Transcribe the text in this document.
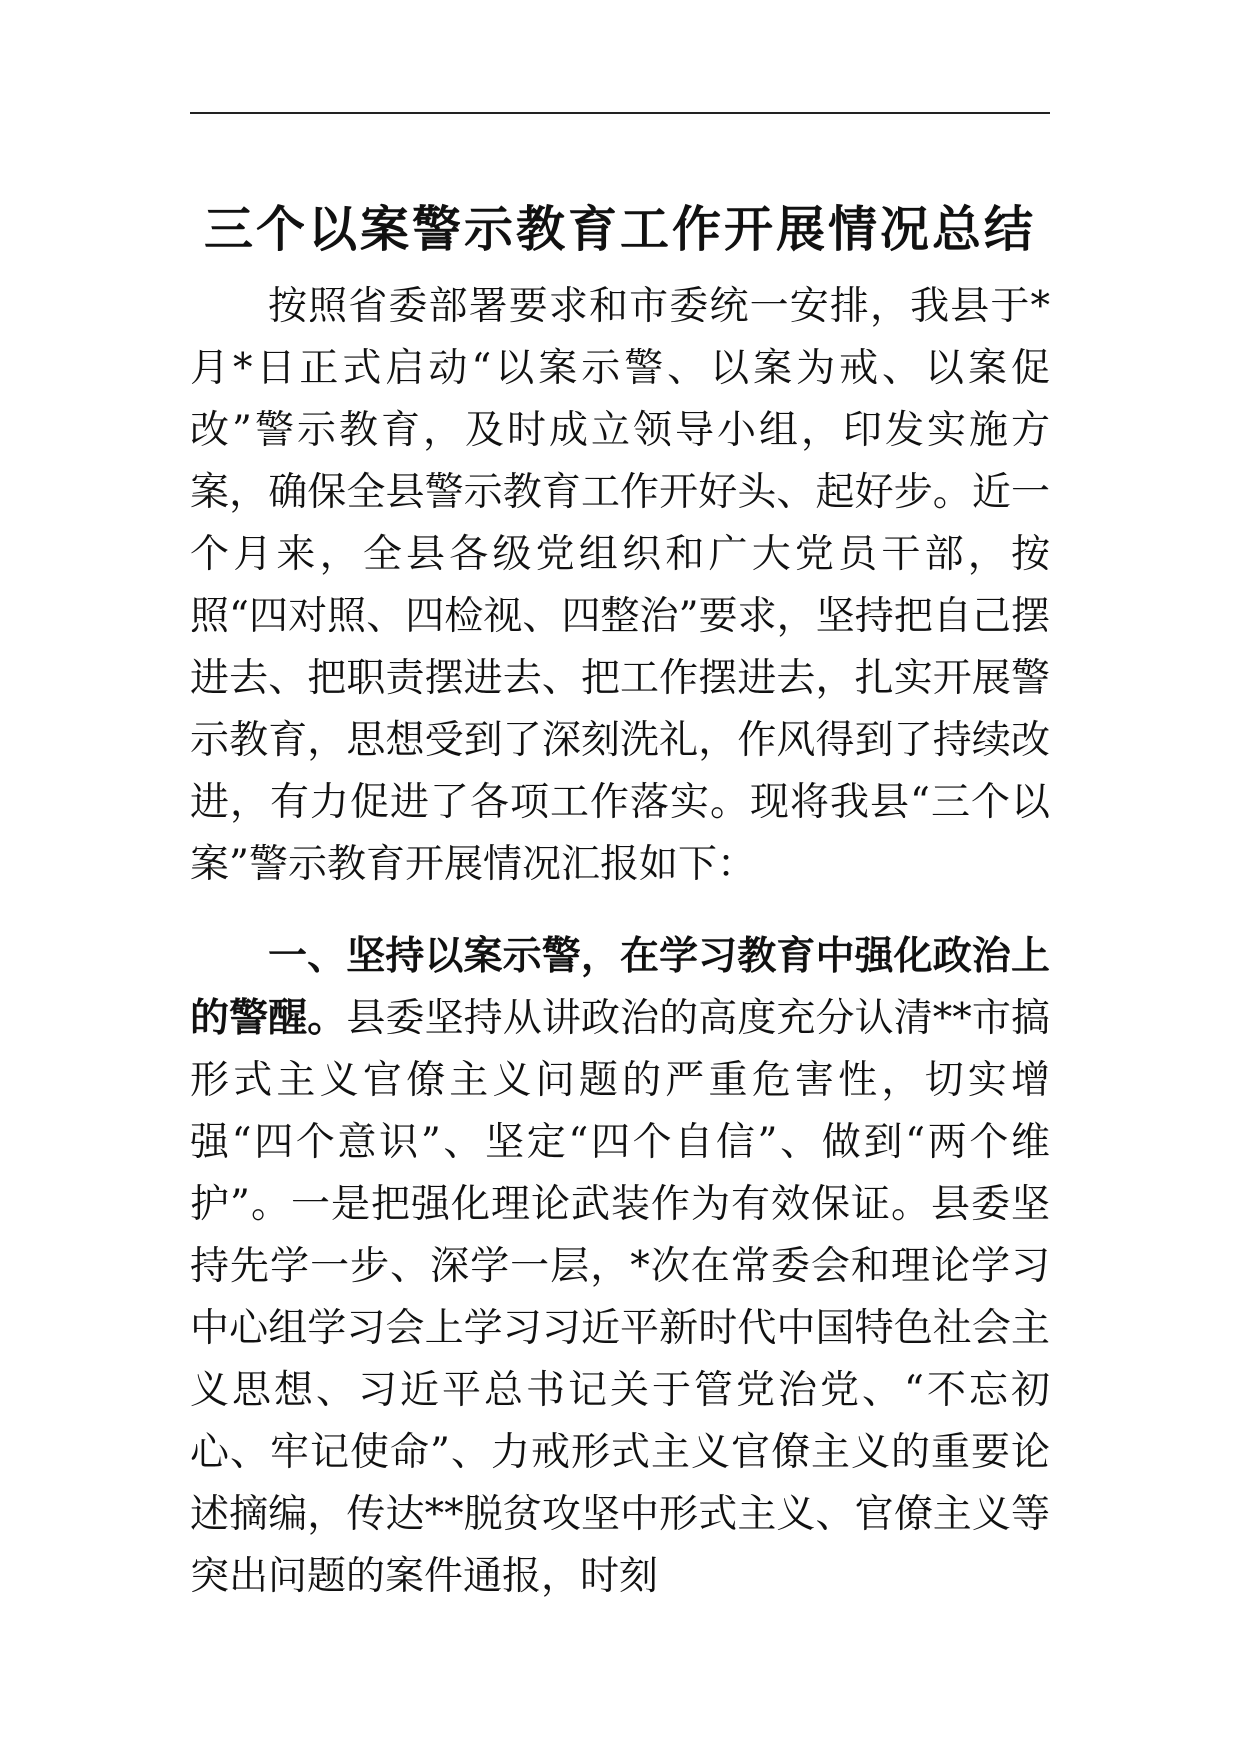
三个以案警示教育工作开展情况总结

按照省委部署要求和市委统一安排，我县于*月*日正式启动“以案示警、以案为戒、以案促改”警示教育，及时成立领导小组，印发实施方案，确保全县警示教育工作开好头、起好步。近一个月来，全县各级党组织和广大党员干部，按照“四对照、四检视、四整治”要求，坚持把自己摆进去、把职责摆进去、把工作摆进去，扎实开展警示教育，思想受到了深刻洗礼，作风得到了持续改进，有力促进了各项工作落实。现将我县“三个以案”警示教育开展情况汇报如下：

一、坚持以案示警，在学习教育中强化政治上的警醒。县委坚持从讲政治的高度充分认清**市搞形式主义官僚主义问题的严重危害性，切实增强“四个意识”、坚定“四个自信”、做到“两个维护”。一是把强化理论武装作为有效保证。县委坚持先学一步、深学一层，*次在常委会和理论学习中心组学习会上学习习近平新时代中国特色社会主义思想、习近平总书记关于管党治党、“不忘初心、牢记使命”、力戒形式主义官僚主义的重要论述摘编，传达**脱贫攻坚中形式主义、官僚主义等突出问题的案件通报，时刻
